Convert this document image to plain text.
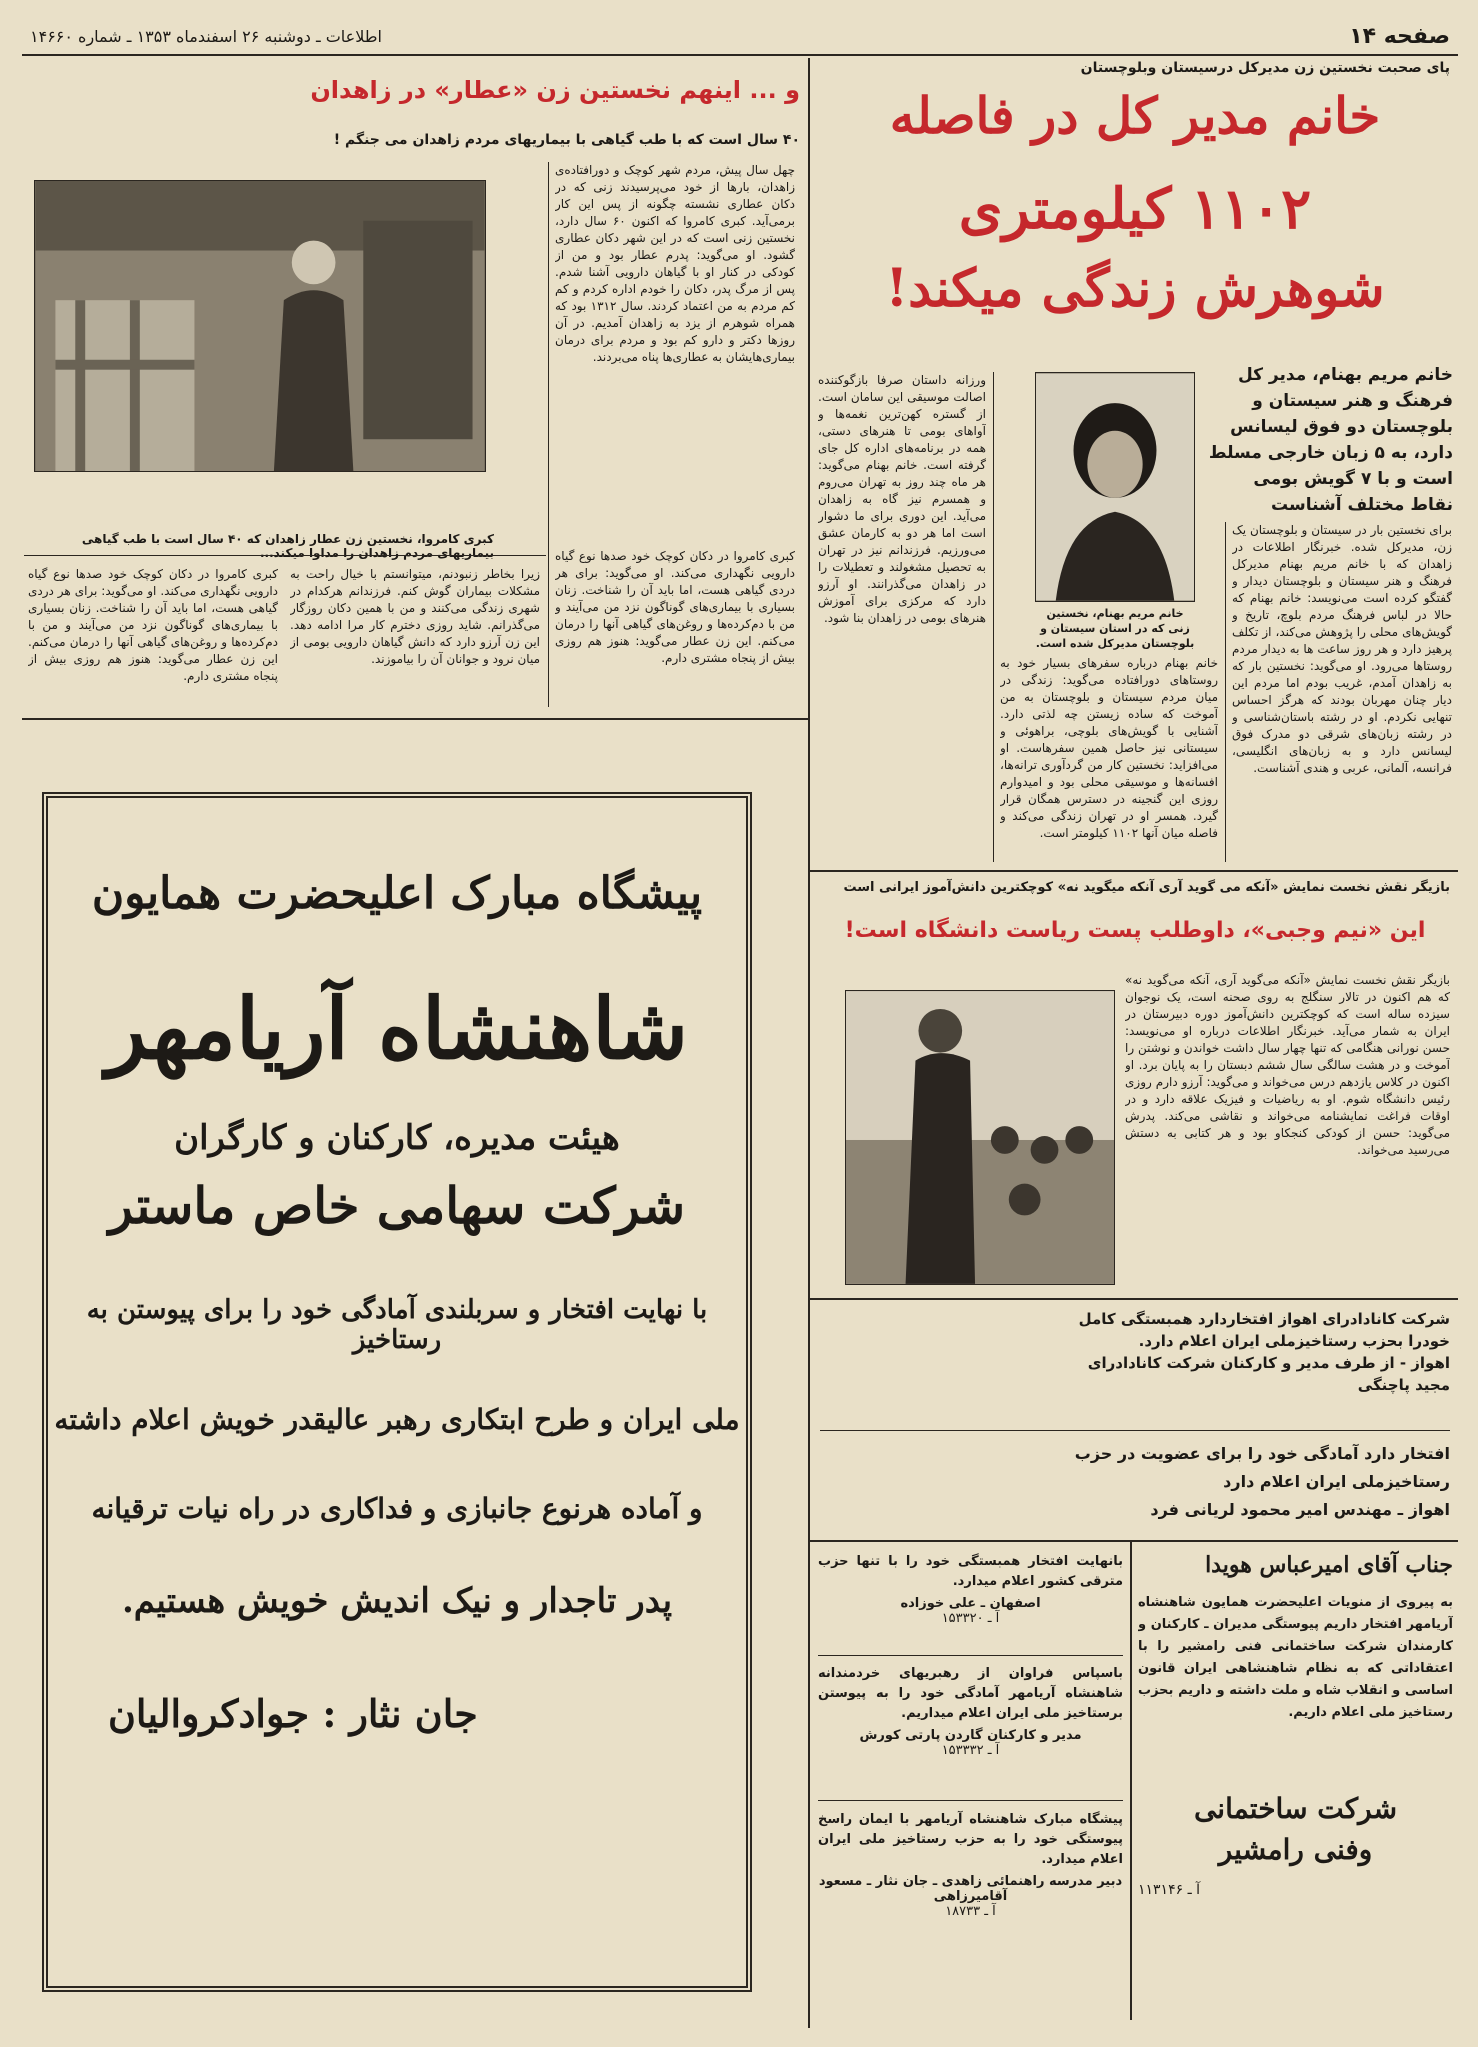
صفحه ۱۴
اطلاعات ـ دوشنبه ۲۶ اسفندماه ۱۳۵۳ ـ شماره ۱۴۶۶۰
پای صحبت نخستین زن مدیرکل درسیستان وبلوچستان
خانم مدیر کل در فاصله
۱۱۰۲ کیلومتری
شوهرش زندگی میکند!
خانم مریم بهنام، مدیر کل فرهنگ و هنر سیستان و بلوچستان دو فوق لیسانس دارد، به ۵ زبان خارجی مسلط است و با ۷ گویش بومی نقاط مختلف آشناست
خانم مریم بهنام، نخستین زنی که در استان سیستان و بلوچستان مدیرکل شده است.
برای نخستین بار در سیستان و بلوچستان یک زن، مدیرکل شده. خبرنگار اطلاعات در زاهدان که با خانم مریم بهنام مدیرکل فرهنگ و هنر سیستان و بلوچستان دیدار و گفتگو کرده است می‌نویسد: خانم بهنام که حالا در لباس فرهنگ مردم بلوچ، تاریخ و گویش‌های محلی را پژوهش می‌کند، از تکلف پرهیز دارد و هر روز ساعت ها به دیدار مردم روستاها می‌رود. او می‌گوید: نخستین بار که به زاهدان آمدم، غریب بودم اما مردم این دیار چنان مهربان بودند که هرگز احساس تنهایی نکردم. او در رشته باستان‌شناسی و در رشته زبان‌های شرقی دو مدرک فوق لیسانس دارد و به زبان‌های انگلیسی، فرانسه، آلمانی، عربی و هندی آشناست.
خانم بهنام درباره سفرهای بسیار خود به روستاهای دورافتاده می‌گوید: زندگی در میان مردم سیستان و بلوچستان به من آموخت که ساده زیستن چه لذتی دارد. آشنایی با گویش‌های بلوچی، براهوئی و سیستانی نیز حاصل همین سفرهاست. او می‌افزاید: نخستین کار من گردآوری ترانه‌ها، افسانه‌ها و موسیقی محلی بود و امیدوارم روزی این گنجینه در دسترس همگان قرار گیرد. همسر او در تهران زندگی می‌کند و فاصله میان آنها ۱۱۰۲ کیلومتر است.
ورزانه داستان صرفا بازگوکننده اصالت موسیقی این سامان است. از گستره کهن‌ترین نغمه‌ها و آواهای بومی تا هنرهای دستی، همه در برنامه‌های اداره کل جای گرفته است. خانم بهنام می‌گوید: هر ماه چند روز به تهران می‌روم و همسرم نیز گاه به زاهدان می‌آید. این دوری برای ما دشوار است اما هر دو به کارمان عشق می‌ورزیم. فرزندانم نیز در تهران به تحصیل مشغولند و تعطیلات را در زاهدان می‌گذرانند. او آرزو دارد که مرکزی برای آموزش هنرهای بومی در زاهدان بنا شود.
و ... اینهم نخستین زن «عطار» در زاهدان
۴۰ سال است که با طب گیاهی با بیماریهای مردم زاهدان می جنگم !
کبری کامروا، نخستین زن عطار زاهدان که ۴۰ سال است با طب گیاهی بیماریهای مردم زاهدان را مداوا میکند...
چهل سال پیش، مردم شهر کوچک و دورافتاده‌ی زاهدان، بارها از خود می‌پرسیدند زنی که در دکان عطاری نشسته چگونه از پس این کار برمی‌آید. کبری کامروا که اکنون ۶۰ سال دارد، نخستین زنی است که در این شهر دکان عطاری گشود. او می‌گوید: پدرم عطار بود و من از کودکی در کنار او با گیاهان دارویی آشنا شدم. پس از مرگ پدر، دکان را خودم اداره کردم و کم کم مردم به من اعتماد کردند. سال ۱۳۱۲ بود که همراه شوهرم از یزد به زاهدان آمدیم. در آن روزها دکتر و دارو کم بود و مردم برای درمان بیماری‌هایشان به عطاری‌ها پناه می‌بردند.
کبری کامروا در دکان کوچک خود صدها نوع گیاه دارویی نگهداری می‌کند. او می‌گوید: برای هر دردی گیاهی هست، اما باید آن را شناخت. زنان بسیاری با بیماری‌های گوناگون نزد من می‌آیند و من با دم‌کرده‌ها و روغن‌های گیاهی آنها را درمان می‌کنم. این زن عطار می‌گوید: هنوز هم روزی بیش از پنجاه مشتری دارم.
زیرا بخاطر زنبودنم، میتوانستم با خیال راحت به مشکلات بیماران گوش کنم. فرزندانم هرکدام در شهری زندگی می‌کنند و من با همین دکان روزگار می‌گذرانم. شاید روزی دخترم کار مرا ادامه دهد. این زن آرزو دارد که دانش گیاهان دارویی بومی از میان نرود و جوانان آن را بیاموزند.
کبری کامروا در دکان کوچک خود صدها نوع گیاه دارویی نگهداری می‌کند. او می‌گوید: برای هر دردی گیاهی هست، اما باید آن را شناخت. زنان بسیاری با بیماری‌های گوناگون نزد من می‌آیند و من با دم‌کرده‌ها و روغن‌های گیاهی آنها را درمان می‌کنم. این زن عطار می‌گوید: هنوز هم روزی بیش از پنجاه مشتری دارم.
بازیگر نقش نخست نمایش «آنکه می گوید آری آنکه میگوید نه» کوچکترین دانش‌آموز ایرانی است
این «نیم وجبی»، داوطلب پست ریاست دانشگاه است!
بازیگر نقش نخست نمایش «آنکه می‌گوید آری، آنکه می‌گوید نه» که هم اکنون در تالار سنگلج به روی صحنه است، یک نوجوان سیزده ساله است که کوچکترین دانش‌آموز دوره دبیرستان در ایران به شمار می‌آید. خبرنگار اطلاعات درباره او می‌نویسد: حسن نورانی هنگامی که تنها چهار سال داشت خواندن و نوشتن را آموخت و در هشت سالگی سال ششم دبستان را به پایان برد. او اکنون در کلاس یازدهم درس می‌خواند و می‌گوید: آرزو دارم روزی رئیس دانشگاه شوم. او به ریاضیات و فیزیک علاقه دارد و در اوقات فراغت نمایشنامه می‌خواند و نقاشی می‌کند. پدرش می‌گوید: حسن از کودکی کنجکاو بود و هر کتابی به دستش می‌رسید می‌خواند.
پیشگاه مبارک اعلیحضرت همایون
شاهنشاه آریامهر
هیئت مدیره، کارکنان و کارگران
شرکت سهامی خاص ماستر
با نهایت افتخار و سربلندی آمادگی خود را برای پیوستن به رستاخیز
ملی ایران و طرح ابتکاری رهبر عالیقدر خویش اعلام داشته
و آماده هرنوع جانبازی و فداکاری در راه نیات ترقیانه
پدر تاجدار و نیک اندیش خویش هستیم.
جان نثار : جوادکروالیان
شرکت کانادادرای اهواز افتخاردارد همبستگی کامل
خودرا بحزب رستاخیزملی ایران اعلام دارد.
اهواز - از طرف مدیر و کارکنان شرکت کانادادرای
مجید پاچنگی
افتخار دارد آمادگی خود را برای عضویت در حزب
رستاخیزملی ایران اعلام دارد
اهواز ـ مهندس امیر محمود لریانی فرد
جناب آقای امیرعباس هویدا
به پیروی از منویات اعلیحضرت همایون شاهنشاه آریامهر افتخار داریم پیوستگی مدیران ـ کارکنان و کارمندان شرکت ساختمانی فنی رامشیر را با اعتقاداتی که به نظام شاهنشاهی ایران قانون اساسی و انقلاب شاه و ملت داشته و داریم بحزب رستاخیز ملی اعلام داریم.
شرکت ساختمانی
وفنی رامشیر
آ ـ ۱۱۳۱۴۶
بانهایت افتخار همبستگی خود را با تنها حزب مترقی کشور اعلام میدارد.
اصفهان ـ علی خوزاده
آ ـ ۱۵۳۳۲۰
باسپاس فراوان از رهبریهای خردمندانه شاهنشاه آریامهر آمادگی خود را به پیوستن برستاخیز ملی ایران اعلام میداریم.
مدیر و کارکنان گاردن پارتی کورش
آ ـ ۱۵۳۳۳۲
پیشگاه مبارک شاهنشاه آریامهر با ایمان راسخ پیوستگی خود را به حزب رستاخیز ملی ایران اعلام میدارد.
دبیر مدرسه راهنمائی زاهدی ـ جان نثار ـ مسعود آقامیرزاهی
آ ـ ۱۸۷۳۳
